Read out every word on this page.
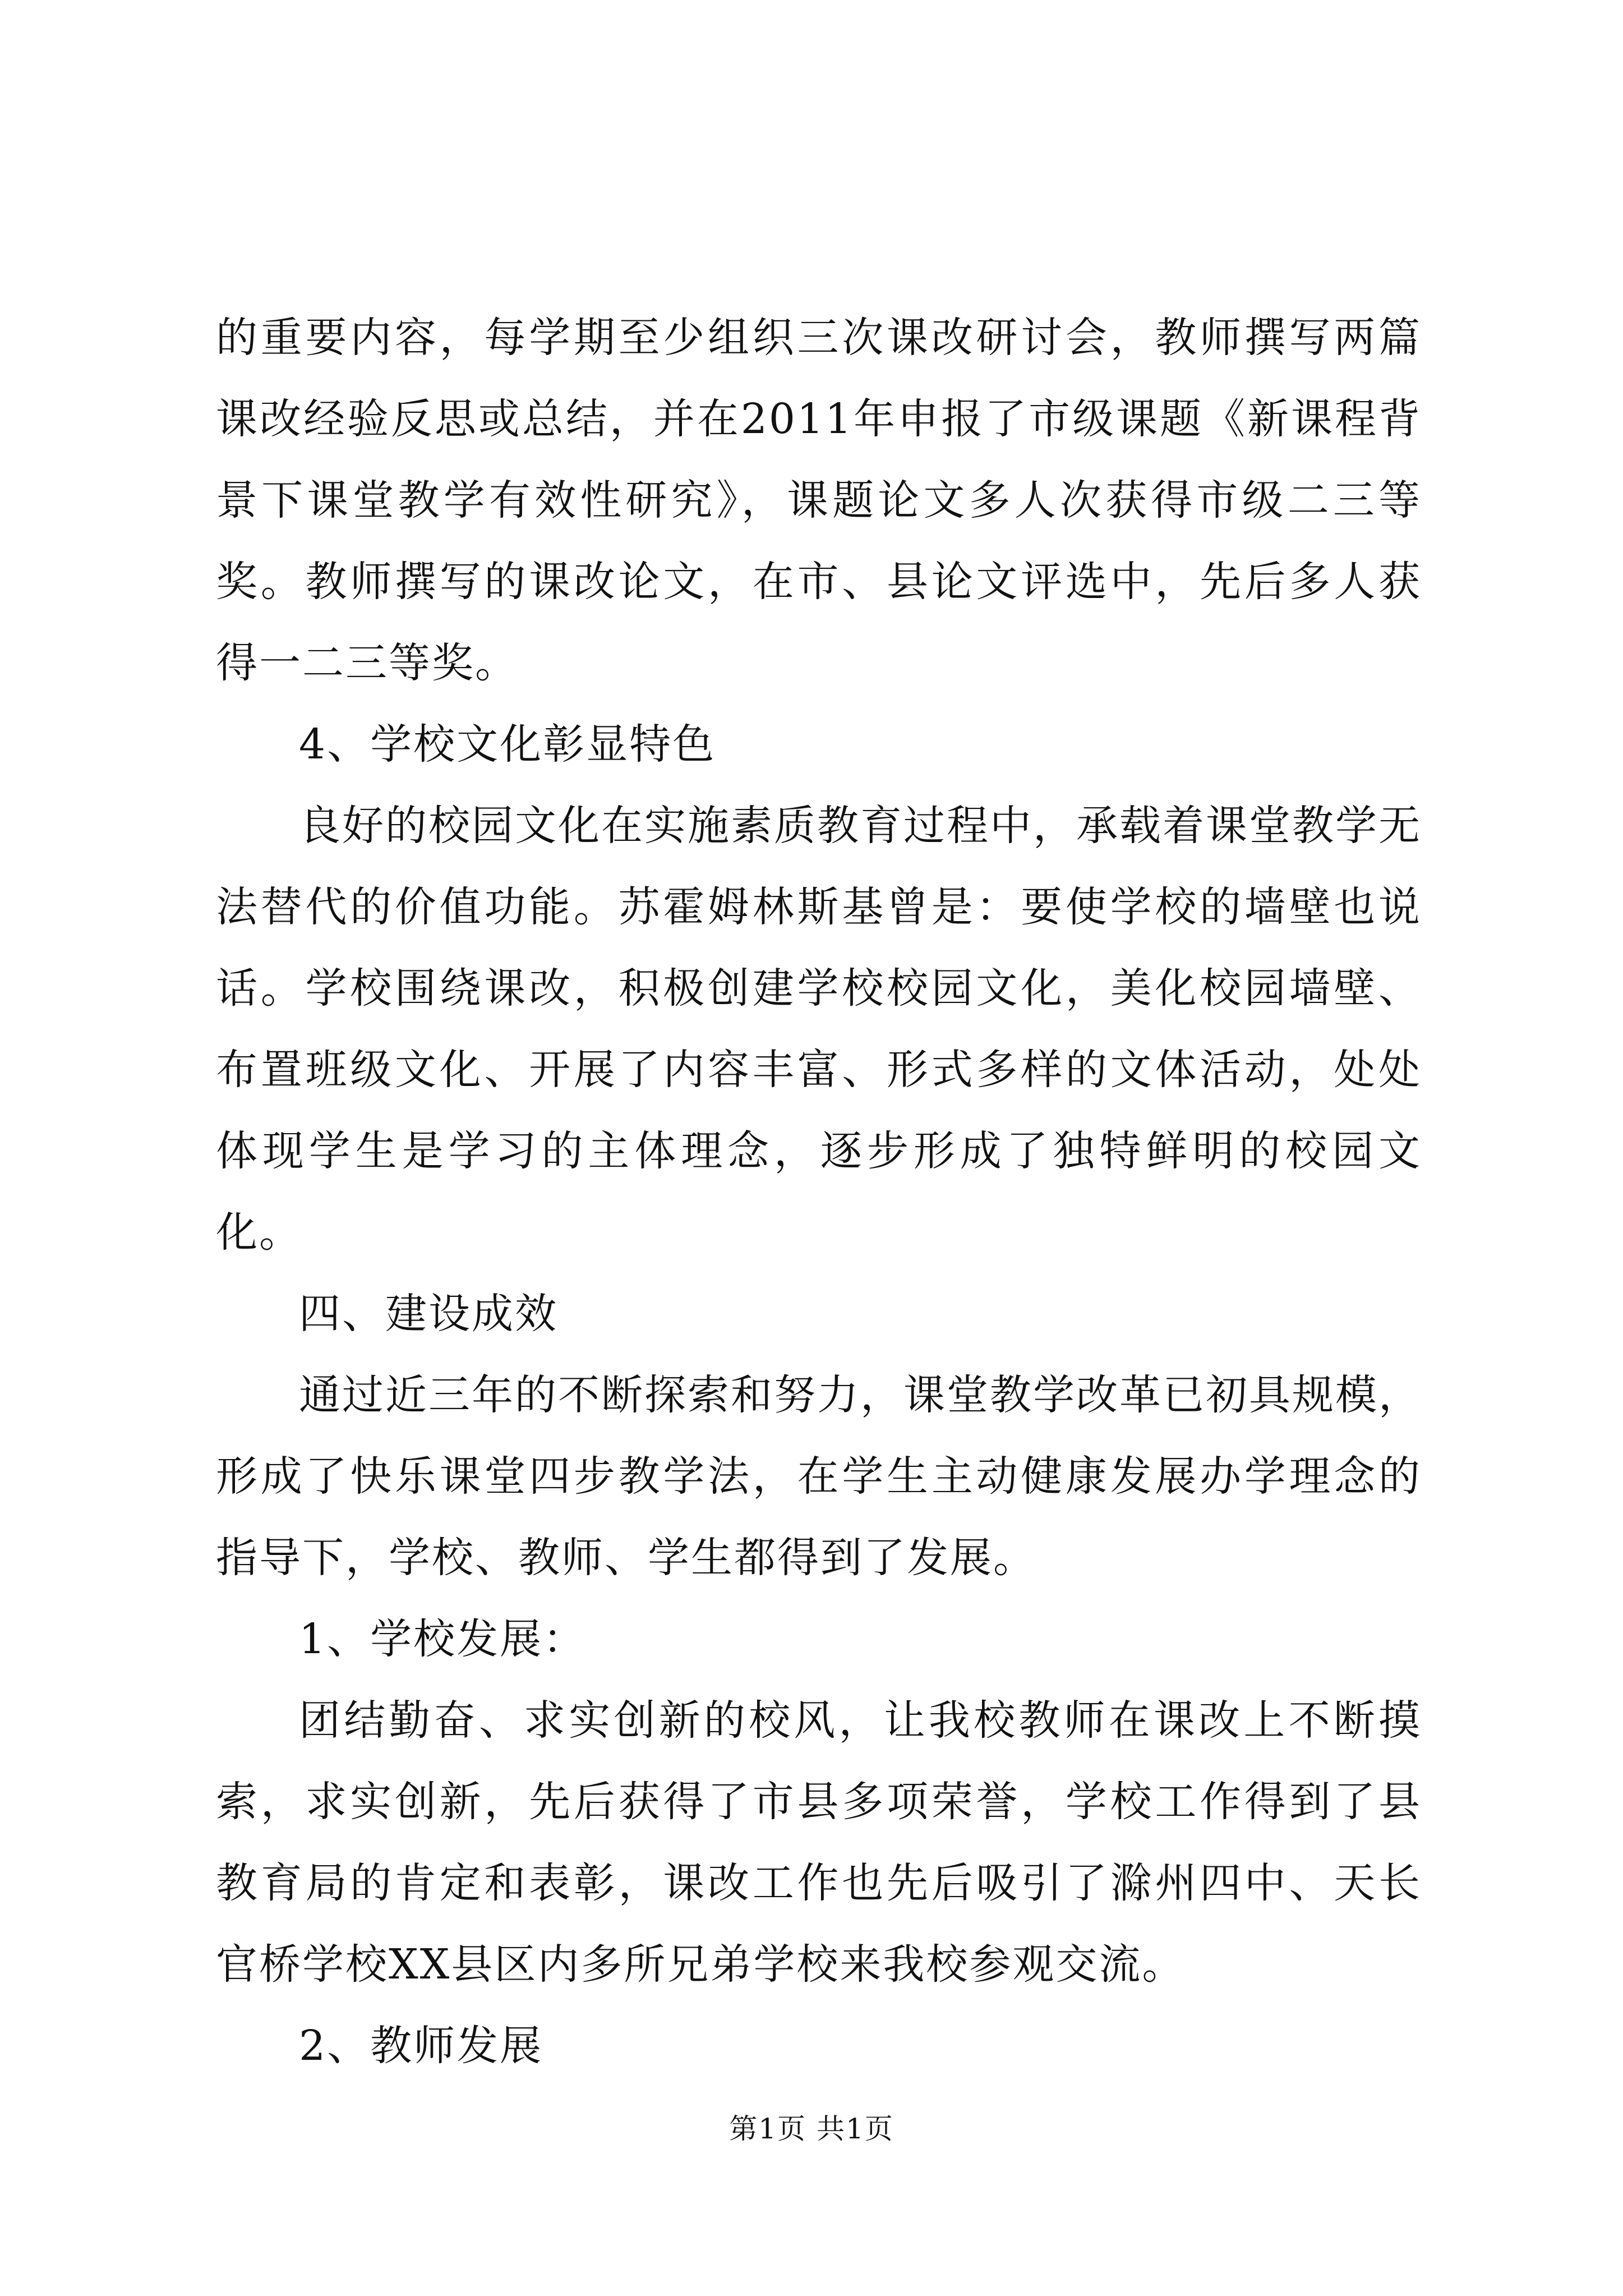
的重要内容，每学期至少组织三次课改研讨会，教师撰写两篇课改经验反思或总结，并在2011年申报了市级课题《新课程背景下课堂教学有效性研究》，课题论文多人次获得市级二三等奖。教师撰写的课改论文，在市、县论文评选中，先后多人获得一二三等奖。

4、学校文化彰显特色

良好的校园文化在实施素质教育过程中，承载着课堂教学无法替代的价值功能。苏霍姆林斯基曾是：要使学校的墙壁也说话。学校围绕课改，积极创建学校校园文化，美化校园墙壁、布置班级文化、开展了内容丰富、形式多样的文体活动，处处体现学生是学习的主体理念，逐步形成了独特鲜明的校园文化。

四、建设成效

通过近三年的不断探索和努力，课堂教学改革已初具规模，形成了快乐课堂四步教学法，在学生主动健康发展办学理念的指导下，学校、教师、学生都得到了发展。

1、学校发展：

团结勤奋、求实创新的校风，让我校教师在课改上不断摸索，求实创新，先后获得了市县多项荣誉，学校工作得到了县教育局的肯定和表彰，课改工作也先后吸引了滁州四中、天长官桥学校XX县区内多所兄弟学校来我校参观交流。

2、教师发展

第1页 共1页
